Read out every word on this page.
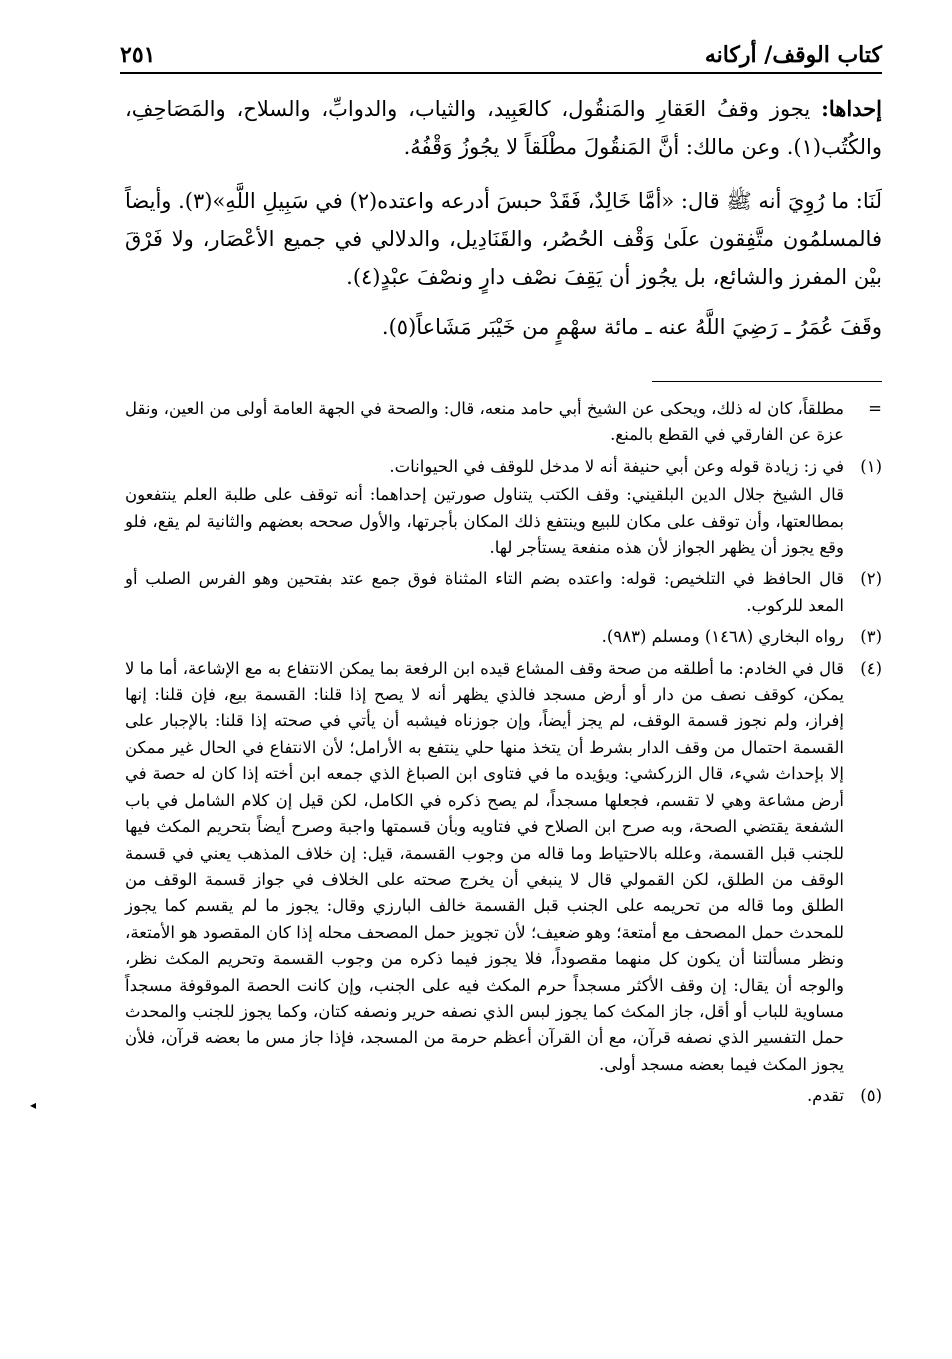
كتاب الوقف/ أركانه
٢٥١

إحداها: يجوز وقفُ العَقارِ والمَنقُول، كالعَبِيد، والثياب، والدوابِّ، والسلاح، والمَصَاحِفِ، والكُتُب(١). وعن مالك: أنَّ المَنقُولَ مطْلَقاً لا يجُوزُ وَقْفُهُ.

لَنَا: ما رُوِيَ أنه ﷺ قال: «أمَّا خَالِدٌ، فَقَدْ حبسَ أدرعه واعتده(٢) في سَبِيلِ اللَّهِ»(٣). وأيضاً فالمسلمُون متَّفِقون علَىٰ وَقْف الحُصُر، والقَنَادِيل، والدلالي في جميع الأعْصَار، ولا فَرْقَ بيْن المفرز والشائع، بل يجُوز أن يَقِفَ نصْف دارٍ ونصْفَ عبْدٍ(٤).

وقَفَ عُمَرُ ـ رَضِيَ اللَّهُ عنه ـ مائة سهْمٍ من خَيْبَر مَشَاعاً(٥).

=

مطلقاً، كان له ذلك، ويحكى عن الشيخ أبي حامد منعه، قال: والصحة في الجهة العامة أولى من العين، ونقل عزة عن الفارقي في القطع بالمنع.

(١)

في ز: زيادة قوله وعن أبي حنيفة أنه لا مدخل للوقف في الحيوانات.

قال الشيخ جلال الدين البلقيني: وقف الكتب يتناول صورتين إحداهما: أنه توقف على طلبة العلم ينتفعون بمطالعتها، وأن توقف على مكان للبيع وينتفع ذلك المكان بأجرتها، والأول صححه بعضهم والثانية لم يقع، فلو وقع يجوز أن يظهر الجواز لأن هذه منفعة يستأجر لها.

(٢)

قال الحافظ في التلخيص: قوله: واعتده بضم التاء المثناة فوق جمع عتد بفتحين وهو الفرس الصلب أو المعد للركوب.

(٣)

رواه البخاري (١٤٦٨) ومسلم (٩٨٣).

(٤)

قال في الخادم: ما أطلقه من صحة وقف المشاع قيده ابن الرفعة بما يمكن الانتفاع به مع الإشاعة، أما ما لا يمكن، كوقف نصف من دار أو أرض مسجد فالذي يظهر أنه لا يصح إذا قلنا: القسمة بيع، فإن قلنا: إنها إفراز، ولم نجوز قسمة الوقف، لم يجز أيضاً، وإن جوزناه فيشبه أن يأتي في صحته إذا قلنا: بالإجبار على القسمة احتمال من وقف الدار بشرط أن يتخذ منها حلي ينتفع به الأرامل؛ لأن الانتفاع في الحال غير ممكن إلا بإحداث شيء، قال الزركشي: ويؤيده ما في فتاوى ابن الصباغ الذي جمعه ابن أخته إذا كان له حصة في أرض مشاعة وهي لا تقسم، فجعلها مسجداً، لم يصح ذكره في الكامل، لكن قيل إن كلام الشامل في باب الشفعة يقتضي الصحة، وبه صرح ابن الصلاح في فتاويه وبأن قسمتها واجبة وصرح أيضاً بتحريم المكث فيها للجنب قبل القسمة، وعلله بالاحتياط وما قاله من وجوب القسمة، قيل: إن خلاف المذهب يعني في قسمة الوقف من الطلق، لكن القمولي قال لا ينبغي أن يخرج صحته على الخلاف في جواز قسمة الوقف من الطلق وما قاله من تحريمه على الجنب قبل القسمة خالف البارزي وقال: يجوز ما لم يقسم كما يجوز للمحدث حمل المصحف مع أمتعة؛ وهو ضعيف؛ لأن تجويز حمل المصحف محله إذا كان المقصود هو الأمتعة، ونظر مسألتنا أن يكون كل منهما مقصوداً، فلا يجوز فيما ذكره من وجوب القسمة وتحريم المكث نظر، والوجه أن يقال: إن وقف الأكثر مسجداً حرم المكث فيه على الجنب، وإن كانت الحصة الموقوفة مسجداً مساوية للباب أو أقل، جاز المكث كما يجوز لبس الذي نصفه حرير ونصفه كتان، وكما يجوز للجنب والمحدث حمل التفسير الذي نصفه قرآن، مع أن القرآن أعظم حرمة من المسجد، فإذا جاز مس ما بعضه قرآن، فلأن يجوز المكث فيما بعضه مسجد أولى.

(٥)

تقدم.

◂
